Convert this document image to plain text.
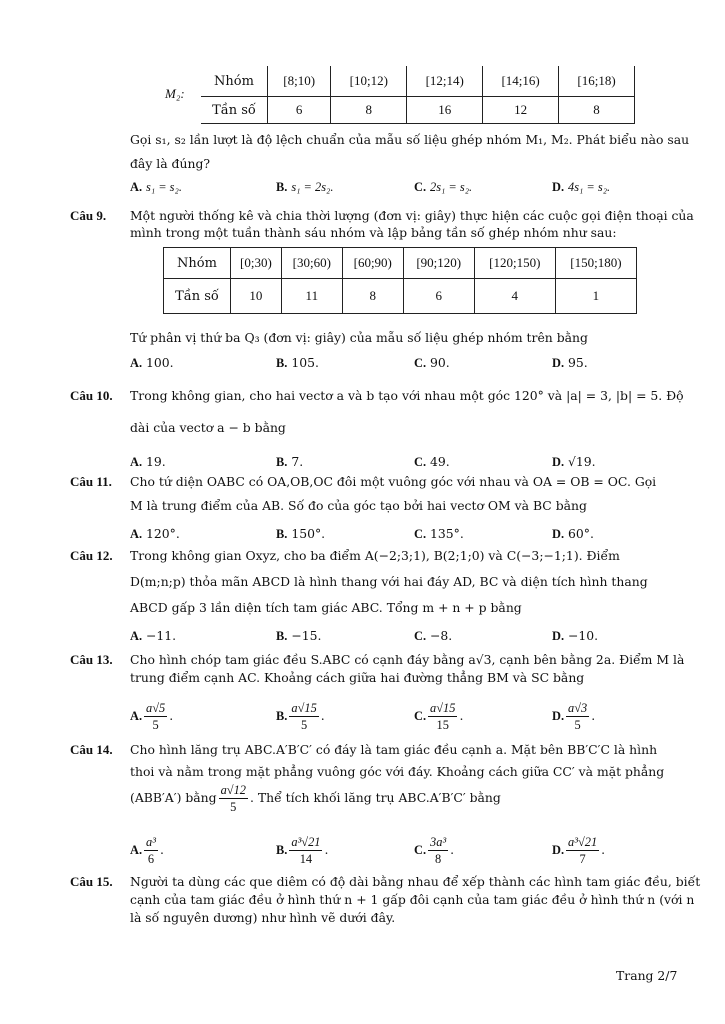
M₂:
Nhóm	[8;10)	[10;12)	[12;14)	[14;16)	[16;18)
Tần số	6	8	16	12	8
Gọi s₁, s₂ lần lượt là độ lệch chuẩn của mẫu số liệu ghép nhóm M₁, M₂. Phát biểu nào sau
đây là đúng?
A. s₁ = s₂.	B. s₁ = 2s₂.	C. 2s₁ = s₂.	D. 4s₁ = s₂.
Câu 9. Một người thống kê và chia thời lượng (đơn vị: giây) thực hiện các cuộc gọi điện thoại của
mình trong một tuần thành sáu nhóm và lập bảng tần số ghép nhóm như sau:
Nhóm	[0;30)	[30;60)	[60;90)	[90;120)	[120;150)	[150;180)
Tần số	10	11	8	6	4	1
Tứ phân vị thứ ba Q₃ (đơn vị: giây) của mẫu số liệu ghép nhóm trên bằng
A. 100.	B. 105.	C. 90.	D. 95.
Câu 10. Trong không gian, cho hai vectơ a và b tạo với nhau một góc 120° và |a| = 3, |b| = 5. Độ
dài của vectơ a − b bằng
A. 19.	B. 7.	C. 49.	D. √19.
Câu 11. Cho tứ diện OABC có OA,OB,OC đôi một vuông góc với nhau và OA = OB = OC. Gọi
M là trung điểm của AB. Số đo của góc tạo bởi hai vectơ OM và BC bằng
A. 120°.	B. 150°.	C. 135°.	D. 60°.
Câu 12. Trong không gian Oxyz, cho ba điểm A(−2;3;1), B(2;1;0) và C(−3;−1;1). Điểm
D(m;n;p) thỏa mãn ABCD là hình thang với hai đáy AD, BC và diện tích hình thang
ABCD gấp 3 lần diện tích tam giác ABC. Tổng m + n + p bằng
A. −11.	B. −15.	C. −8.	D. −10.
Câu 13. Cho hình chóp tam giác đều S.ABC có cạnh đáy bằng a√3, cạnh bên bằng 2a. Điểm M là
trung điểm cạnh AC. Khoảng cách giữa hai đường thẳng BM và SC bằng
A. $\frac{a√5}{5}$ .	B. $\frac{a√15}{5}$ .	C. $\frac{a√15}{15}$ .	D. $\frac{a√3}{5}$ .
Câu 14. Cho hình lăng trụ ABC.A′B′C′ có đáy là tam giác đều cạnh a. Mặt bên BB′C′C là hình
thoi và nằm trong mặt phẳng vuông góc với đáy. Khoảng cách giữa CC′ và mặt phẳng
(ABB′A′) bằng $\frac{a√12}{5}$ . Thể tích khối lăng trụ ABC.A′B′C′ bằng
A. $\frac{\text{a³}}{6}$ .	B. $\frac{\text{a³√21}}{14}$ .	C. $\frac{\text{3a³}}{8}$ .	D. $\frac{\text{a³√21}}{7}$ .
Câu 15. Người ta dùng các que diêm có độ dài bằng nhau để xếp thành các hình tam giác đều, biết
cạnh của tam giác đều ở hình thứ n + 1 gấp đôi cạnh của tam giác đều ở hình thứ n (với n
là số nguyên dương) như hình vẽ dưới đây.
Trang 2/7
